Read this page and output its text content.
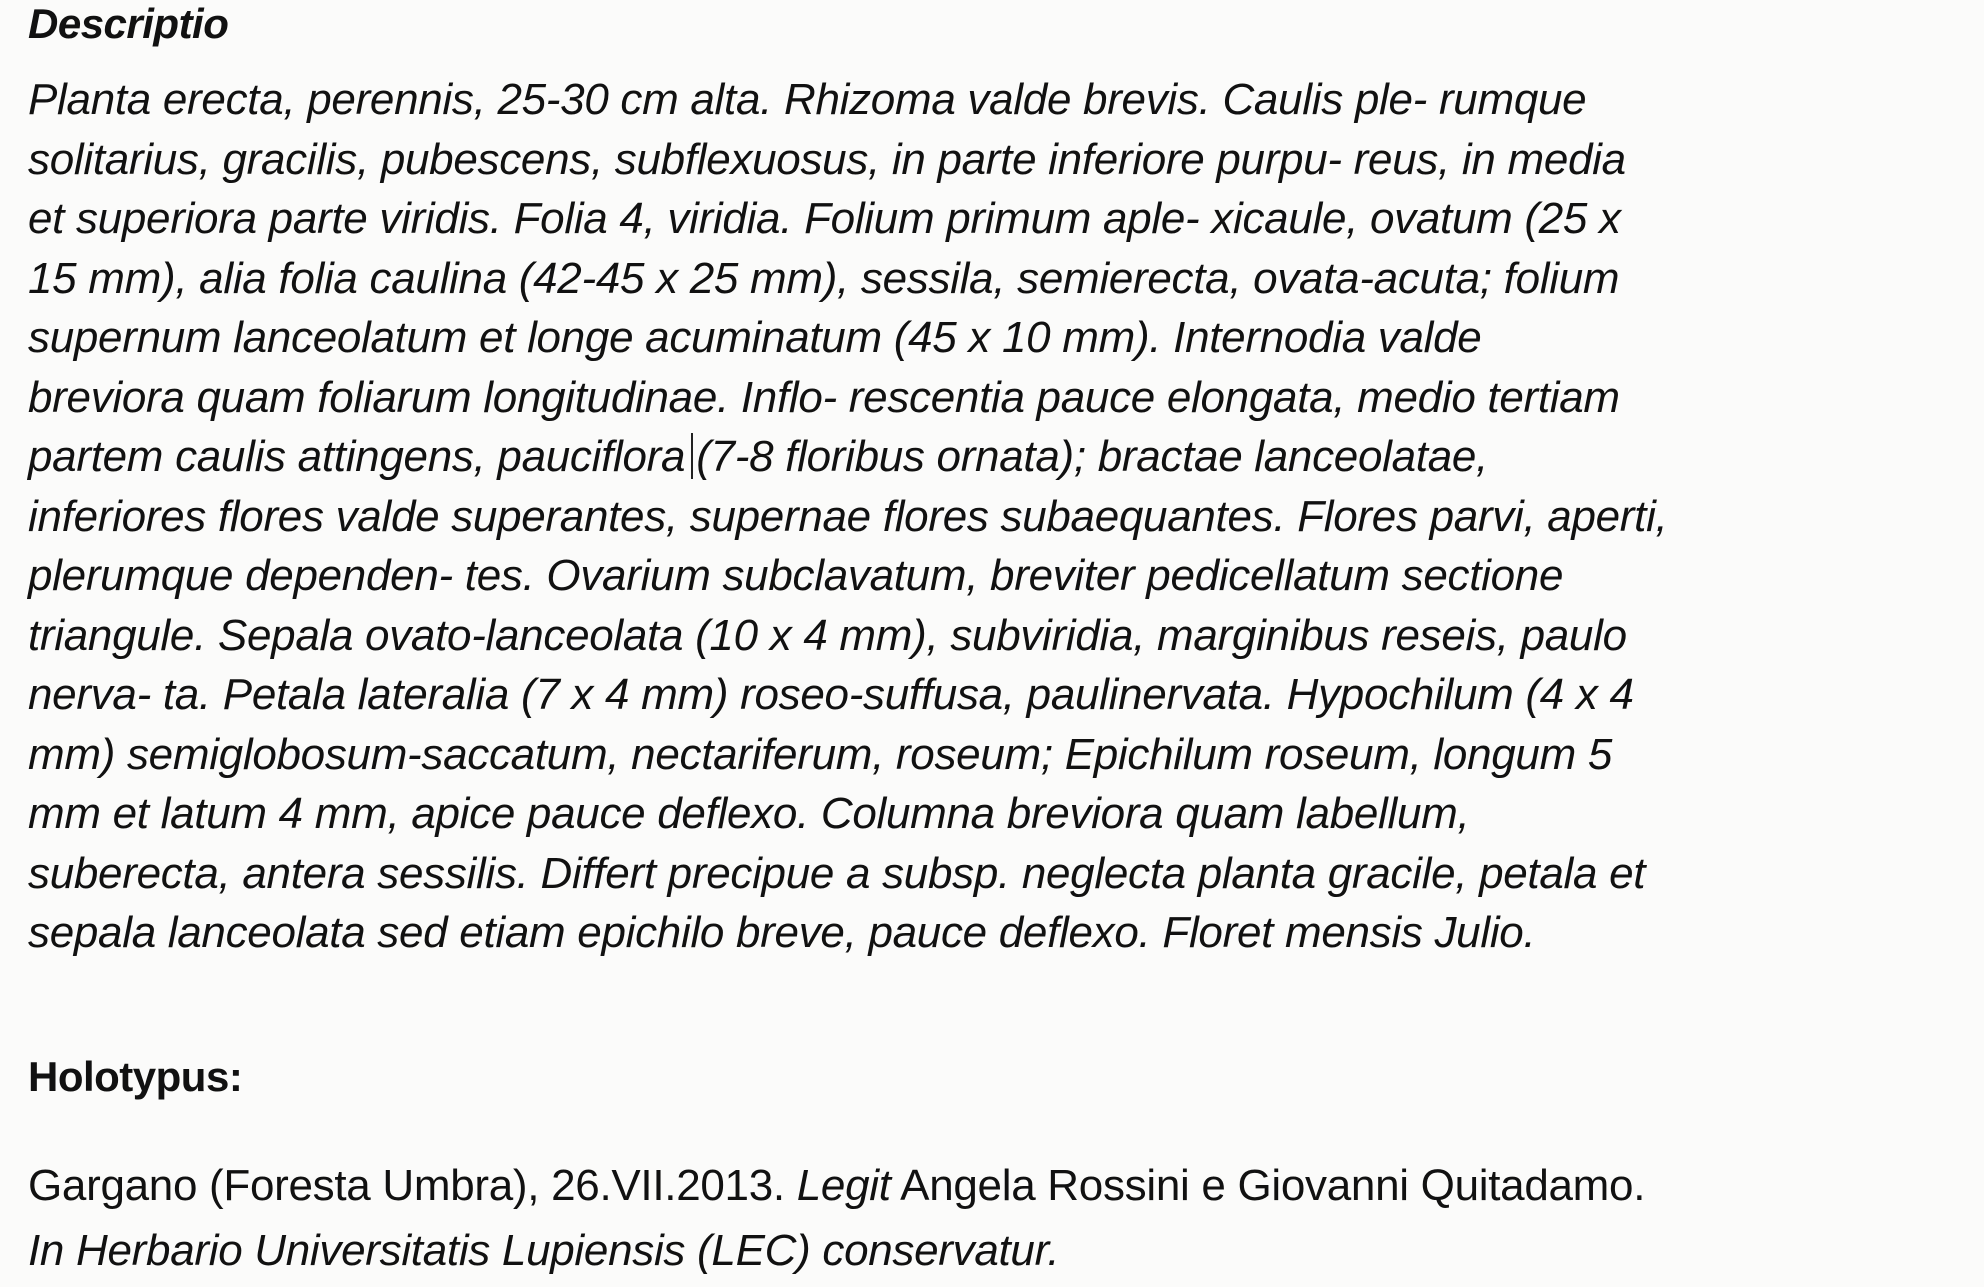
Descriptio

Planta erecta, perennis, 25-30 cm alta. Rhizoma valde brevis. Caulis ple- rumque
solitarius, gracilis, pubescens, subflexuosus, in parte inferiore purpu- reus, in media
et superiora parte viridis. Folia 4, viridia. Folium primum aple- xicaule, ovatum (25 x
15 mm), alia folia caulina (42-45 x 25 mm), sessila, semierecta, ovata-acuta; folium
supernum lanceolatum et longe acuminatum (45 x 10 mm). Internodia valde
breviora quam foliarum longitudinae. Inflo- rescentia pauce elongata, medio tertiam
partem caulis attingens, pauciflora (7-8 floribus ornata); bractae lanceolatae,
inferiores flores valde superantes, supernae flores subaequantes. Flores parvi, aperti,
plerumque dependen- tes. Ovarium subclavatum, breviter pedicellatum sectione
triangule. Sepala ovato-lanceolata (10 x 4 mm), subviridia, marginibus reseis, paulo
nerva- ta. Petala lateralia (7 x 4 mm) roseo-suffusa, paulinervata. Hypochilum (4 x 4
mm) semiglobosum-saccatum, nectariferum, roseum; Epichilum roseum, longum 5
mm et latum 4 mm, apice pauce deflexo. Columna breviora quam labellum,
suberecta, antera sessilis. Differt precipue a subsp. neglecta planta gracile, petala et
sepala lanceolata sed etiam epichilo breve, pauce deflexo. Floret mensis Julio.

Holotypus:

Gargano (Foresta Umbra), 26.VII.2013. Legit Angela Rossini e Giovanni Quitadamo.
In Herbario Universitatis Lupiensis (LEC) conservatur.
